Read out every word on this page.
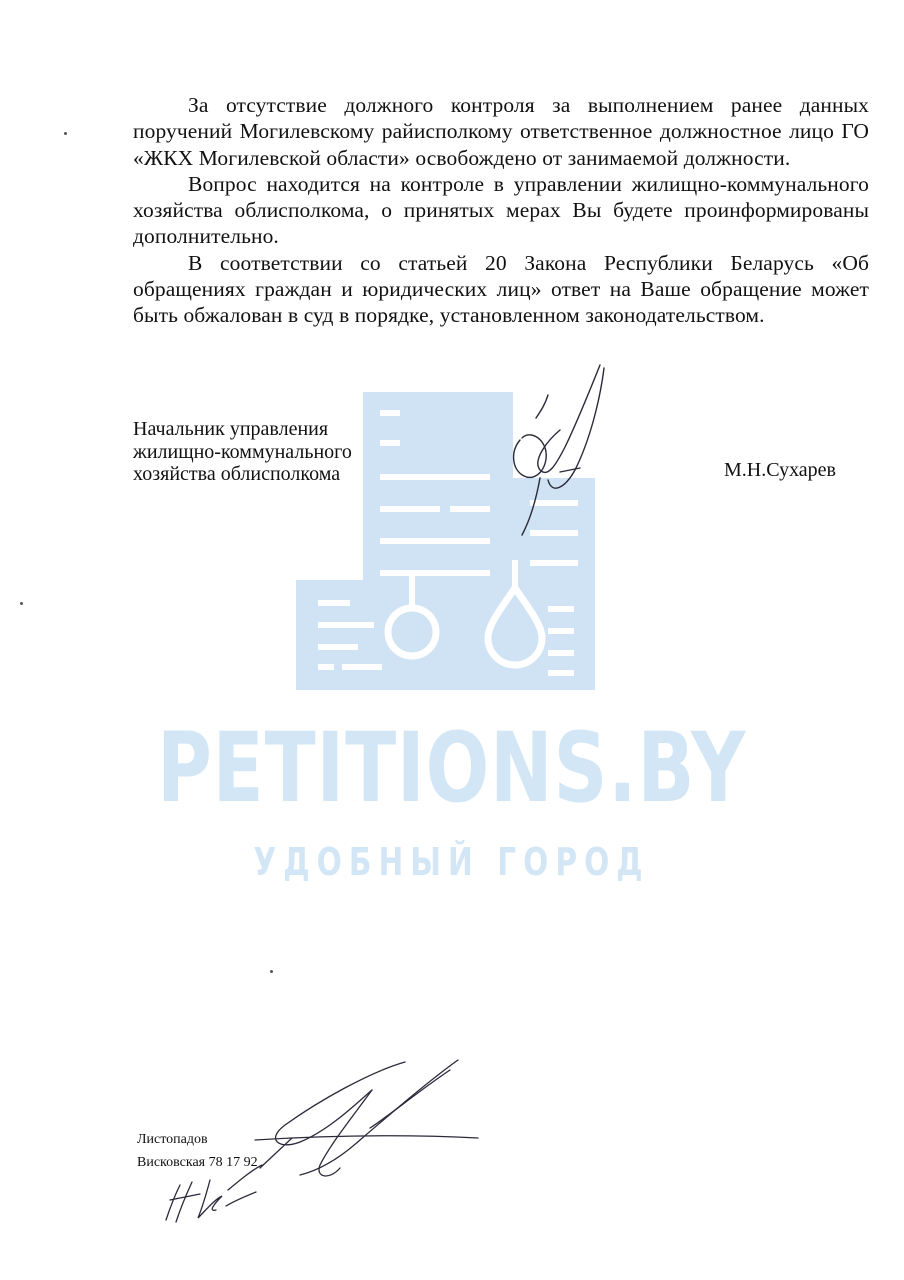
PETITIONS.BY
УДОБНЫЙ ГОРОД

За отсутствие должного контроля за выполнением ранее данных поручений Могилевскому райисполкому ответственное должностное лицо ГО «ЖКХ Могилевской области» освобождено от занимаемой должности.

Вопрос находится на контроле в управлении жилищно-коммунального хозяйства облисполкома, о принятых мерах Вы будете проинформированы дополнительно.

В соответствии со статьей 20 Закона Республики Беларусь «Об обращениях граждан и юридических лиц» ответ на Ваше обращение может быть обжалован в суд в порядке, установленном законодательством.

Начальник управления
жилищно-коммунального
хозяйства облисполкома	М.Н.Сухарев
Листопадов
Висковская 78 17 92
